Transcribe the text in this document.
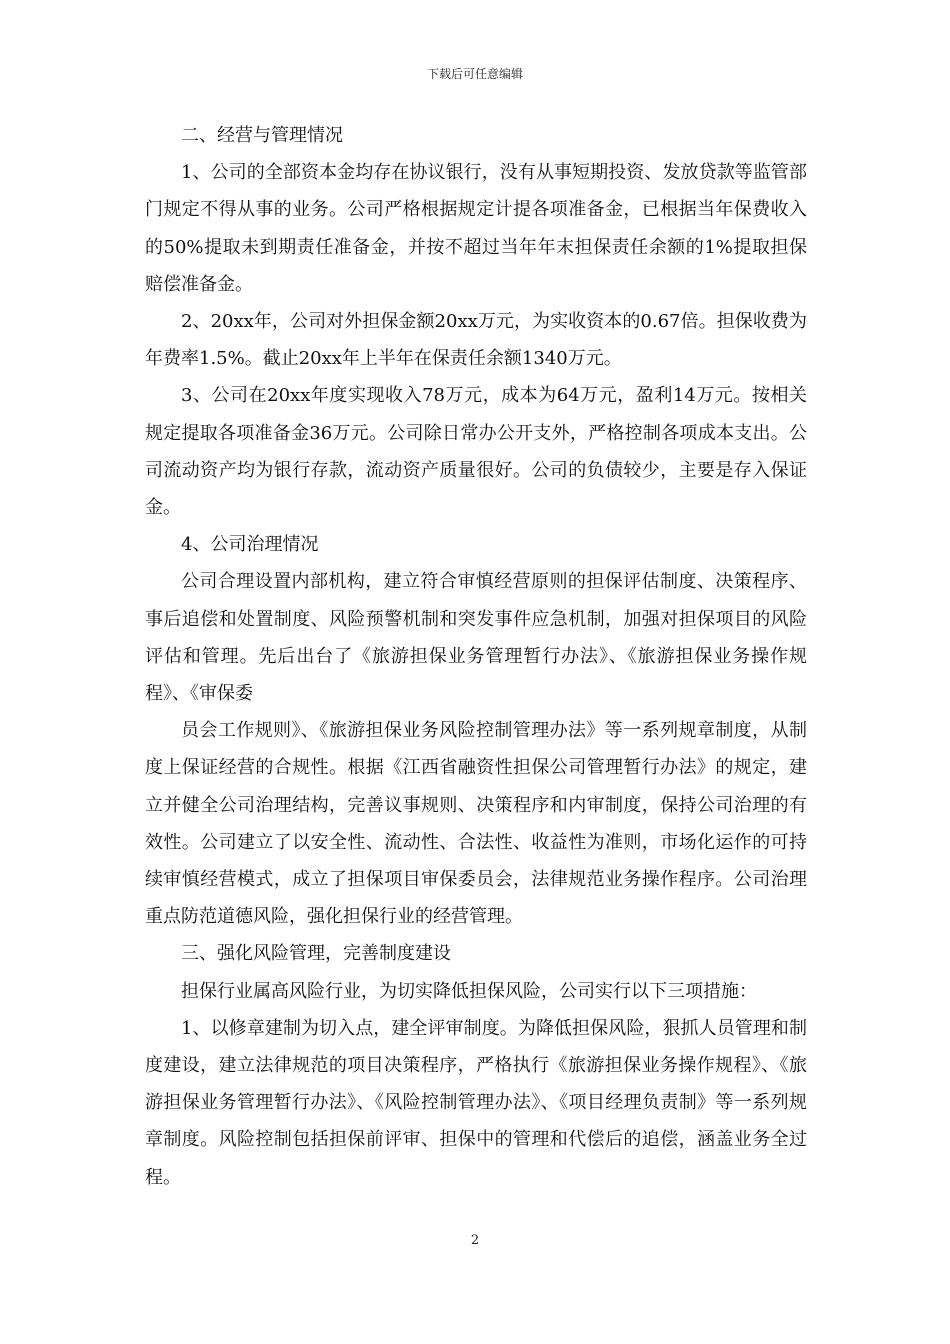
下载后可任意编辑

二、经营与管理情况

1、公司的全部资本金均存在协议银行，没有从事短期投资、发放贷款等监管部门规定不得从事的业务。公司严格根据规定计提各项准备金，已根据当年保费收入的50%提取未到期责任准备金，并按不超过当年年末担保责任余额的1%提取担保赔偿准备金。

2、20xx年，公司对外担保金额20xx万元，为实收资本的0.67倍。担保收费为年费率1.5%。截止20xx年上半年在保责任余额1340万元。

3、公司在20xx年度实现收入78万元，成本为64万元，盈利14万元。按相关规定提取各项准备金36万元。公司除日常办公开支外，严格控制各项成本支出。公司流动资产均为银行存款，流动资产质量很好。公司的负债较少，主要是存入保证金。

4、公司治理情况

公司合理设置内部机构，建立符合审慎经营原则的担保评估制度、决策程序、事后追偿和处置制度、风险预警机制和突发事件应急机制，加强对担保项目的风险评估和管理。先后出台了《旅游担保业务管理暂行办法》、《旅游担保业务操作规程》、《审保委

员会工作规则》、《旅游担保业务风险控制管理办法》等一系列规章制度，从制度上保证经营的合规性。根据《江西省融资性担保公司管理暂行办法》的规定，建立并健全公司治理结构，完善议事规则、决策程序和内审制度，保持公司治理的有效性。公司建立了以安全性、流动性、合法性、收益性为准则，市场化运作的可持续审慎经营模式，成立了担保项目审保委员会，法律规范业务操作程序。公司治理重点防范道德风险，强化担保行业的经营管理。

三、强化风险管理，完善制度建设

担保行业属高风险行业，为切实降低担保风险，公司实行以下三项措施：

1、以修章建制为切入点，建全评审制度。为降低担保风险，狠抓人员管理和制度建设，建立法律规范的项目决策程序，严格执行《旅游担保业务操作规程》、《旅游担保业务管理暂行办法》、《风险控制管理办法》、《项目经理负责制》等一系列规章制度。风险控制包括担保前评审、担保中的管理和代偿后的追偿，涵盖业务全过程。

2
